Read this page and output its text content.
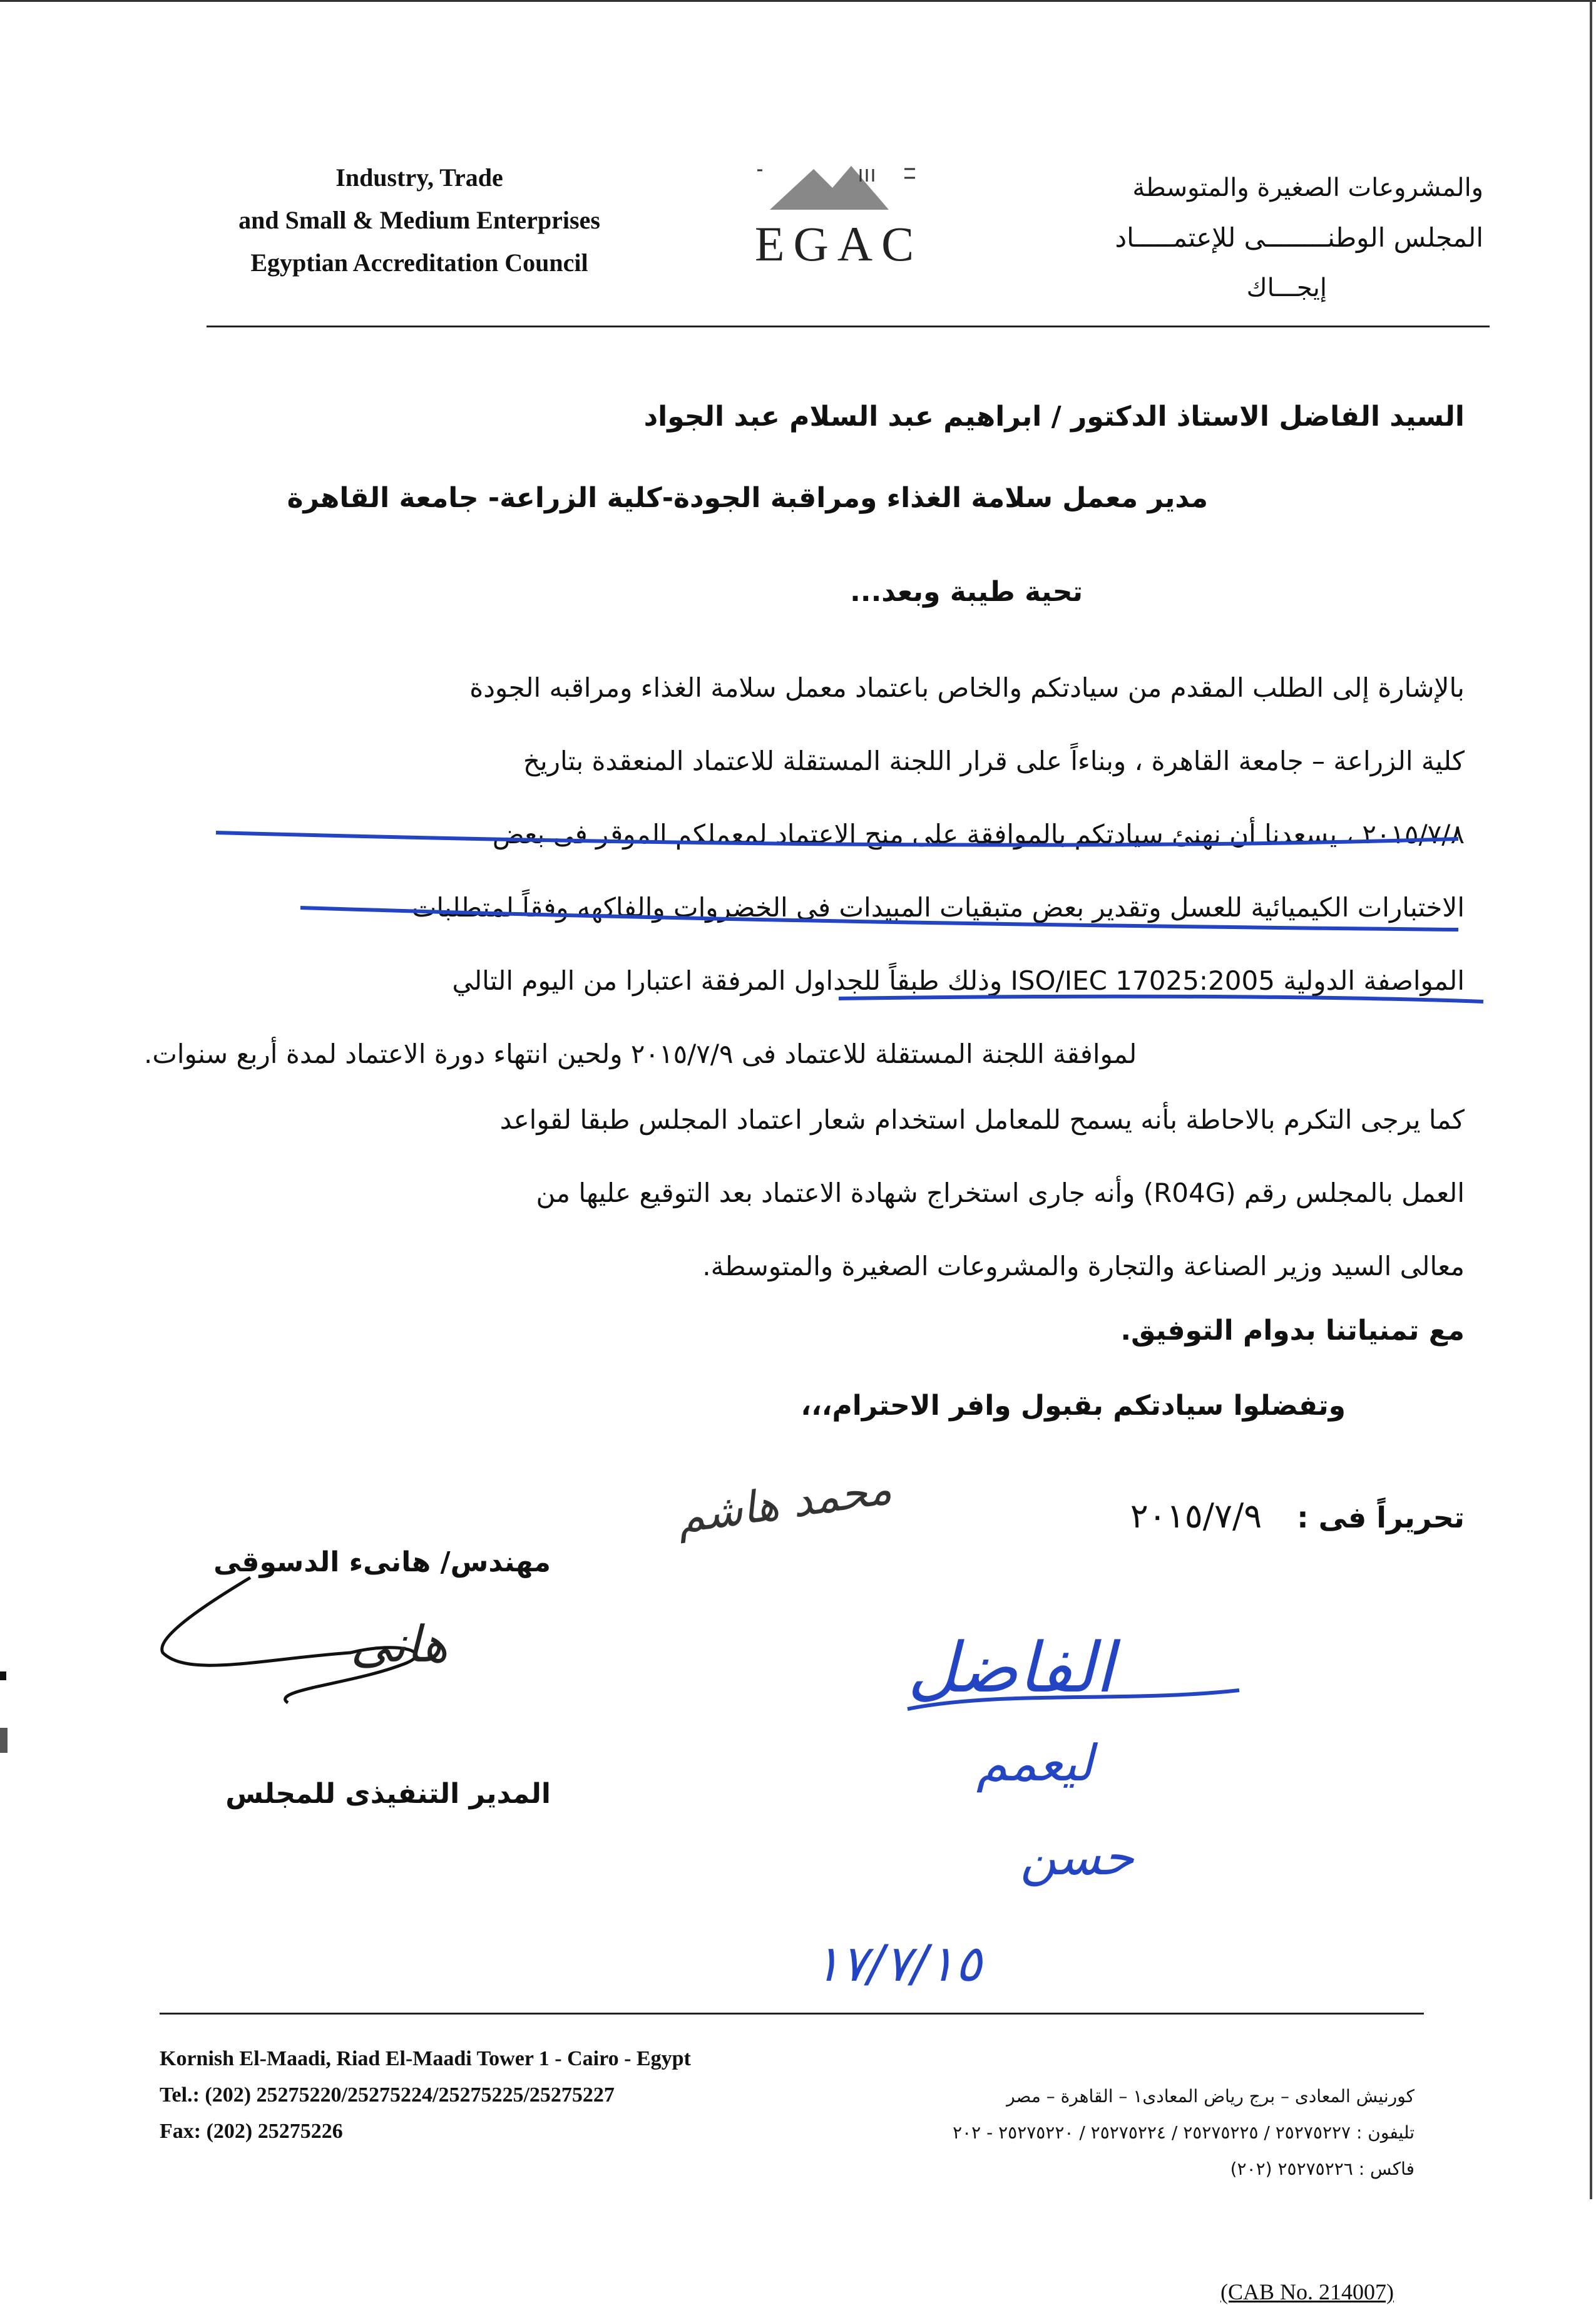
Industry, Trade
and Small & Medium Enterprises
Egyptian Accreditation Council	EGAC
والمشروعات الصغيرة والمتوسطة
المجلس الوطنــــــــى للإعتمـــــاد
إيجـــاك
السيد الفاضل الاستاذ الدكتور / ابراهيم عبد السلام عبد الجواد
مدير معمل سلامة الغذاء ومراقبة الجودة-كلية الزراعة- جامعة القاهرة
تحية طيبة وبعد...
بالإشارة إلى الطلب المقدم من سيادتكم والخاص باعتماد معمل سلامة الغذاء ومراقبه الجودة
كلية الزراعة – جامعة القاهرة ، وبناءاً على قرار اللجنة المستقلة للاعتماد المنعقدة بتاريخ
٢٠١٥/٧/٨ ، يسعدنا أن نهنئ سيادتكم بالموافقة على منح الاعتماد لمعملكم الموقر فى بعض
الاختبارات الكيميائية للعسل وتقدير بعض متبقيات المبيدات فى الخضروات والفاكهه وفقاً لمتطلبات
المواصفة الدولية ISO/IEC 17025:2005 وذلك طبقاً للجداول المرفقة اعتبارا من اليوم التالي
لموافقة اللجنة المستقلة للاعتماد فى ٢٠١٥/٧/٩ ولحين انتهاء دورة الاعتماد لمدة أربع سنوات.
كما يرجى التكرم بالاحاطة بأنه يسمح للمعامل استخدام شعار اعتماد المجلس طبقا لقواعد
العمل بالمجلس رقم (R04G) وأنه جارى استخراج شهادة الاعتماد بعد التوقيع عليها من
معالى السيد وزير الصناعة والتجارة والمشروعات الصغيرة والمتوسطة.
مع تمنياتنا بدوام التوفيق.
وتفضلوا سيادتكم بقبول وافر الاحترام،،،
تحريراً فى : ٢٠١٥/٧/٩
مهندس/ هانىء الدسوقى
المدير التنفيذى للمجلس
(CAB No. 214007)
محمد هاشم
هانى	الفاضل
ليعمم
حسن
١٧/٧/١٥
Kornish El-Maadi, Riad El-Maadi Tower 1 - Cairo - Egypt
Tel.: (202) 25275220/25275224/25275225/25275227
Fax: (202) 25275226
كورنيش المعادى – برج رياض المعادى١ – القاهرة – مصر
تليفون : ٢٥٢٧٥٢٢٧ / ٢٥٢٧٥٢٢٥ / ٢٥٢٧٥٢٢٤ / ٢٥٢٧٥٢٢٠ - ٢٠٢
فاكس : ٢٥٢٧٥٢٢٦ (٢٠٢)
